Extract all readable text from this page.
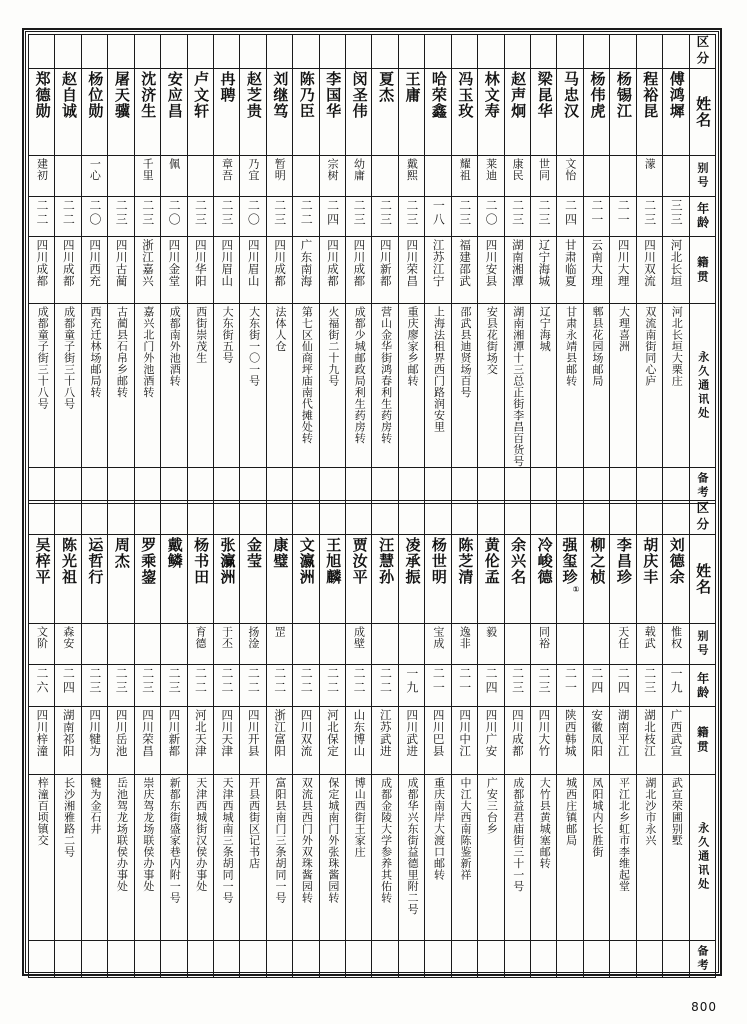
																									区分

郑德勋	赵自诚	杨位勋	屠天骥	沈济生	安应昌	卢文轩	冉聘	赵芝贵	刘继笃	陈乃臣	李国华	闵圣伟	夏杰	王庸	哈荣鑫	冯玉玫	林文寿	赵声炯	梁昆华	马忠汉	杨伟虎	杨锡江	程裕昆	傅鸿墀	姓名

建初		一心		千里	佩		章吾	乃宜	暂明		宗树	幼庸		戴熙		耀祖	莱迪	康民	世同	文怡			濛		别号

二二	二二	二〇	二三	二三	二〇	二三	二三	二〇	二三	二二	二四	二三	二三	二三	一八	二三	二〇	二三	二三	二四	二一	二一	二三	三三	年龄

四川成都	四川成都	四川西充	四川古蔺	浙江嘉兴	四川金堂	四川华阳	四川眉山	四川眉山	四川成都	广东南海	四川成都	四川成都	四川新都	四川荣昌	江苏江宁	福建邵武	四川安县	湖南湘潭	辽宁海城	甘肃临夏	云南大理	四川大理	四川双流	河北长垣	籍贯

成都童子街三十八号	成都童子街三十八号	西充迁林场邮局转	古蔺县石帛乡邮转	嘉兴北门外池酒转	成都南外池酒转	西街崇茂生	大东街五号	大东街一〇一号	法体人仓	第七区仙商坪庙南代摊处转	火福街二十九号	成都少城邮政局利生药房转	营山金华街鸿春利生药房转	重庆廖家乡邮转	上海法租界西门路润安里	邵武县迪贤场百号	安县花街场交	湖南湘潭十三总正街李昌百货号	辽宁海城	甘肃永靖县邮转	郫县花园场邮局	大理喜洲	双流南街同心庐	河北长垣大栗庄	永久通讯处

																									备考

																									区分

吴梓平	陈光祖	运哲行	周杰	罗乘鋆	戴鳞	杨书田	张灜洲	金莹	康璧	文瀛洲	王旭麟	贾汝平	汪慧孙	凌承振	杨世明	陈芝清	黄伦孟	余兴名	冷峻德	强玺珍①	柳之桢	李昌珍	胡庆丰	刘德余	姓名

文阶	森安					育德	于丕	扬淦	罡			成壁			宝成	逸非	毅		同裕			天任	载武	惟权	别号

二六	二四	二三	二三	二三	二三	二二	二二	二二	二二	二二	二二	二二	二二	一九	二一	二一	二四	二三	二三	二一	二四	二四	二三	一九	年龄

四川梓潼	湖南祁阳	四川犍为	四川岳池	四川荣昌	四川新都	河北天津	四川天津	四川开县	浙江富阳	四川双流	河北保定	山东博山	江苏武进	四川武进	四川巴县	四川中江	四川广安	四川成都	四川大竹	陕西韩城	安徽凤阳	湖南平江	湖北枝江	广西武宣	籍贯

梓潼百顷镇交	长沙湘雅路二号	犍为金石井	岳池驾龙场联侯办事处	崇庆驾龙场联侯办事处	新都东街盛家巷内附一号	天津西城街汉侯办事处	天津西城南三条胡同一号	开县西街区记书店	富阳县南门三条胡同一号	双流县西门外双珠酱园转	保定城南门外张珠酱园转	博山西街王家庄	成都金陵大学参养其佑转	成都华兴东街益德里附二号	重庆南岸大渡口邮转	中江大西南陈鉴新祥	广安三台乡	成都益君庙街三十一号	大竹县黄城塞邮转	城西庄镇邮局	凤阳城内长胜街	平江北乡虹市李维起堂	湖北沙市永兴	武宣荣圃别墅	永久通讯处

																									备考
800
